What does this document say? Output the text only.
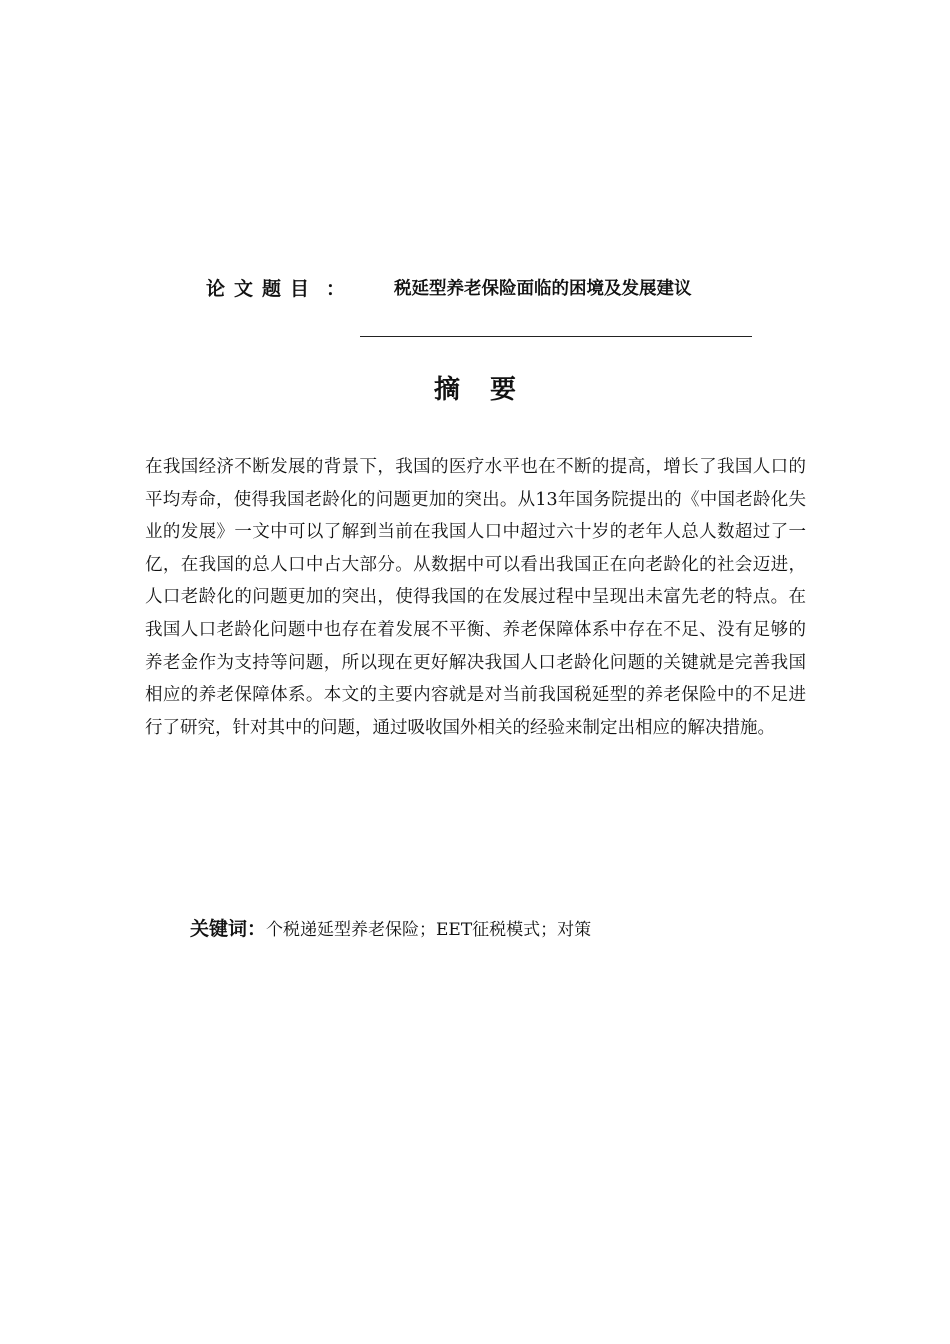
论文题目 ：	税延型养老保险面临的困境及发展建议
摘要

在我国经济不断发展的背景下，我国的医疗水平也在不断的提高，增长了我国人口的平均寿命，使得我国老龄化的问题更加的突出。从13年国务院提出的《中国老龄化失业的发展》一文中可以了解到当前在我国人口中超过六十岁的老年人总人数超过了一亿，在我国的总人口中占大部分。从数据中可以看出我国正在向老龄化的社会迈进，人口老龄化的问题更加的突出，使得我国的在发展过程中呈现出未富先老的特点。在我国人口老龄化问题中也存在着发展不平衡、养老保障体系中存在不足、没有足够的养老金作为支持等问题，所以现在更好解决我国人口老龄化问题的关键就是完善我国相应的养老保障体系。本文的主要内容就是对当前我国税延型的养老保险中的不足进行了研究，针对其中的问题，通过吸收国外相关的经验来制定出相应的解决措施。

关键词：个税递延型养老保险；EET征税模式；对策
